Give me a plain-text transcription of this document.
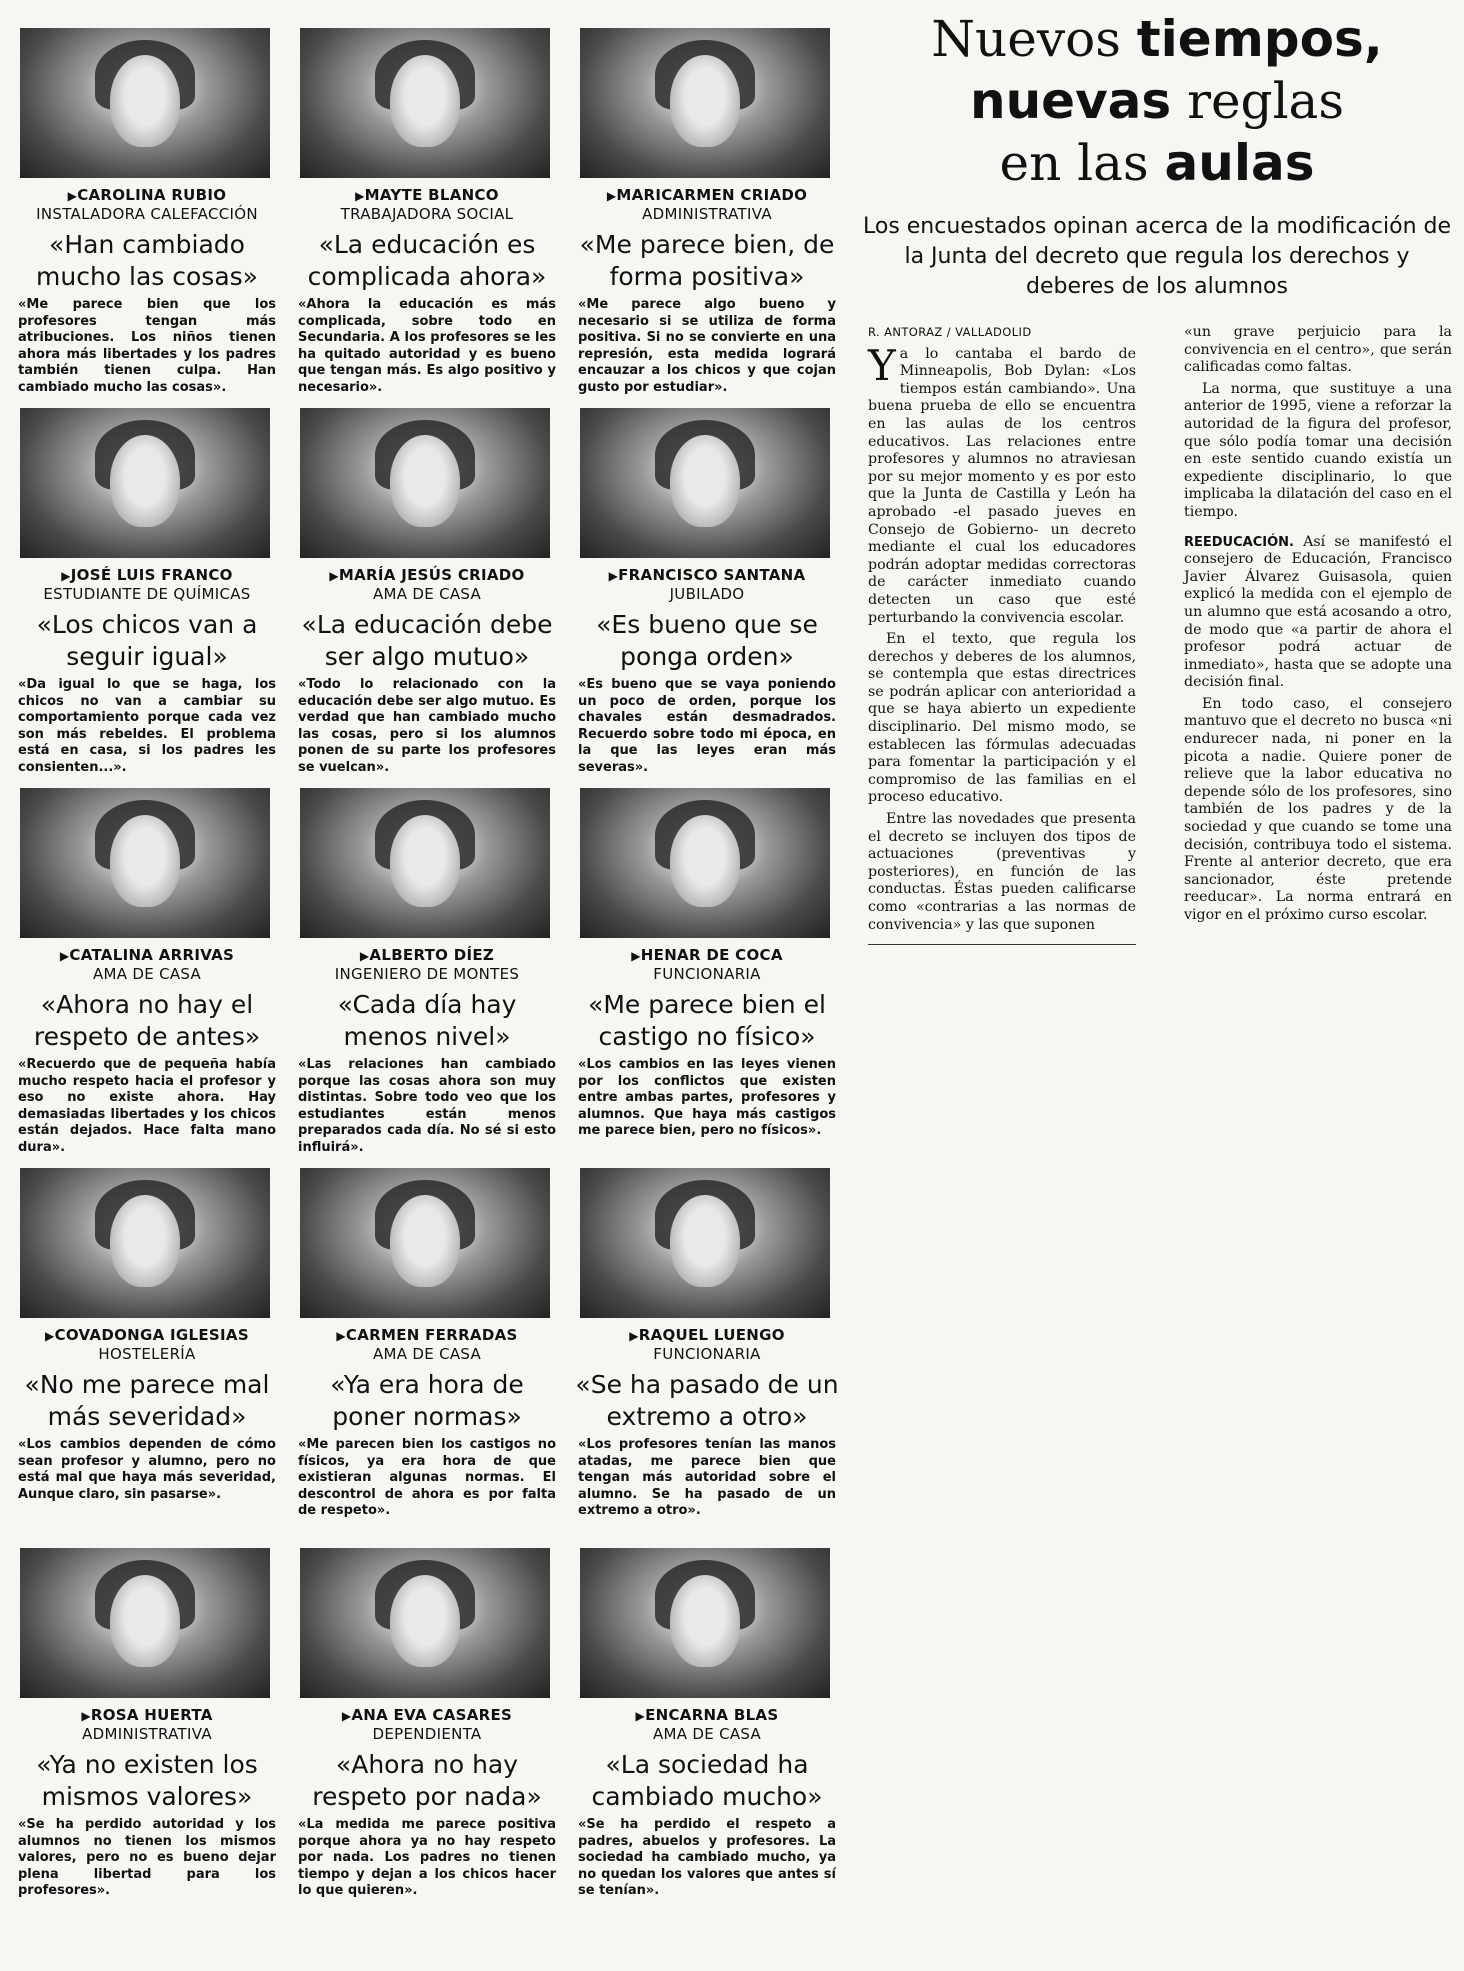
▶CAROLINA RUBIO
INSTALADORA CALEFACCIÓN
«Han cambiado mucho las cosas»
«Me parece bien que los profesores tengan más atribuciones. Los niños tienen ahora más libertades y los padres también tienen culpa. Han cambiado mucho las cosas».
▶MAYTE BLANCO
TRABAJADORA SOCIAL
«La educación es complicada ahora»
«Ahora la educación es más complicada, sobre todo en Secundaria. A los profesores se les ha quitado autoridad y es bueno que tengan más. Es algo positivo y necesario».
▶MARICARMEN CRIADO
ADMINISTRATIVA
«Me parece bien, de forma positiva»
«Me parece algo bueno y necesario si se utiliza de forma positiva. Si no se convierte en una represión, esta medida logrará encauzar a los chicos y que cojan gusto por estudiar».
▶JOSÉ LUIS FRANCO
ESTUDIANTE DE QUÍMICAS
«Los chicos van a seguir igual»
«Da igual lo que se haga, los chicos no van a cambiar su comportamiento porque cada vez son más rebeldes. El problema está en casa, si los padres les consienten...».
▶MARÍA JESÚS CRIADO
AMA DE CASA
«La educación debe ser algo mutuo»
«Todo lo relacionado con la educación debe ser algo mutuo. Es verdad que han cambiado mucho las cosas, pero si los alumnos ponen de su parte los profesores se vuelcan».
▶FRANCISCO SANTANA
JUBILADO
«Es bueno que se ponga orden»
«Es bueno que se vaya poniendo un poco de orden, porque los chavales están desmadrados. Recuerdo sobre todo mi época, en la que las leyes eran más severas».
▶CATALINA ARRIVAS
AMA DE CASA
«Ahora no hay el respeto de antes»
«Recuerdo que de pequeña había mucho respeto hacia el profesor y eso no existe ahora. Hay demasiadas libertades y los chicos están dejados. Hace falta mano dura».
▶ALBERTO DÍEZ
INGENIERO DE MONTES
«Cada día hay menos nivel»
«Las relaciones han cambiado porque las cosas ahora son muy distintas. Sobre todo veo que los estudiantes están menos preparados cada día. No sé si esto influirá».
▶HENAR DE COCA
FUNCIONARIA
«Me parece bien el castigo no físico»
«Los cambios en las leyes vienen por los conflictos que existen entre ambas partes, profesores y alumnos. Que haya más castigos me parece bien, pero no físicos».
▶COVADONGA IGLESIAS
HOSTELERÍA
«No me parece mal más severidad»
«Los cambios dependen de cómo sean profesor y alumno, pero no está mal que haya más severidad, Aunque claro, sin pasarse».
▶CARMEN FERRADAS
AMA DE CASA
«Ya era hora de poner normas»
«Me parecen bien los castigos no físicos, ya era hora de que existieran algunas normas. El descontrol de ahora es por falta de respeto».
▶RAQUEL LUENGO
FUNCIONARIA
«Se ha pasado de un extremo a otro»
«Los profesores tenían las manos atadas, me parece bien que tengan más autoridad sobre el alumno. Se ha pasado de un extremo a otro».
▶ROSA HUERTA
ADMINISTRATIVA
«Ya no existen los mismos valores»
«Se ha perdido autoridad y los alumnos no tienen los mismos valores, pero no es bueno dejar plena libertad para los profesores».
▶ANA EVA CASARES
DEPENDIENTA
«Ahora no hay respeto por nada»
«La medida me parece positiva porque ahora ya no hay respeto por nada. Los padres no tienen tiempo y dejan a los chicos hacer lo que quieren».
▶ENCARNA BLAS
AMA DE CASA
«La sociedad ha cambiado mucho»
«Se ha perdido el respeto a padres, abuelos y profesores. La sociedad ha cambiado mucho, ya no quedan los valores que antes sí se tenían».
Nuevos tiempos,
nuevas reglas
en las aulas
Los encuestados opinan acerca de la modificación de la Junta del decreto que regula los derechos y deberes de los alumnos
R. ANTORAZ / VALLADOLID

Ya lo cantaba el bardo de Minneapolis, Bob Dylan: «Los tiempos están cambiando». Una buena prueba de ello se encuentra en las aulas de los centros educativos. Las relaciones entre profesores y alumnos no atraviesan por su mejor momento y es por esto que la Junta de Castilla y León ha aprobado -el pasado jueves en Consejo de Gobierno- un decreto mediante el cual los educadores podrán adoptar medidas correctoras de carácter inmediato cuando detecten un caso que esté perturbando la convivencia escolar.

En el texto, que regula los derechos y deberes de los alumnos, se contempla que estas directrices se podrán aplicar con anterioridad a que se haya abierto un expediente disciplinario. Del mismo modo, se establecen las fórmulas adecuadas para fomentar la participación y el compromiso de las familias en el proceso educativo.

Entre las novedades que presenta el decreto se incluyen dos tipos de actuaciones (preventivas y posteriores), en función de las conductas. Éstas pueden calificarse como «contrarias a las normas de convivencia» y las que suponen

«un grave perjuicio para la convivencia en el centro», que serán calificadas como faltas.

La norma, que sustituye a una anterior de 1995, viene a reforzar la autoridad de la figura del profesor, que sólo podía tomar una decisión en este sentido cuando existía un expediente disciplinario, lo que implicaba la dilatación del caso en el tiempo.

REEDUCACIÓN. Así se manifestó el consejero de Educación, Francisco Javier Álvarez Guisasola, quien explicó la medida con el ejemplo de un alumno que está acosando a otro, de modo que «a partir de ahora el profesor podrá actuar de inmediato», hasta que se adopte una decisión final.

En todo caso, el consejero mantuvo que el decreto no busca «ni endurecer nada, ni poner en la picota a nadie. Quiere poner de relieve que la labor educativa no depende sólo de los profesores, sino también de los padres y de la sociedad y que cuando se tome una decisión, contribuya todo el sistema. Frente al anterior decreto, que era sancionador, éste pretende reeducar». La norma entrará en vigor en el próximo curso escolar.
